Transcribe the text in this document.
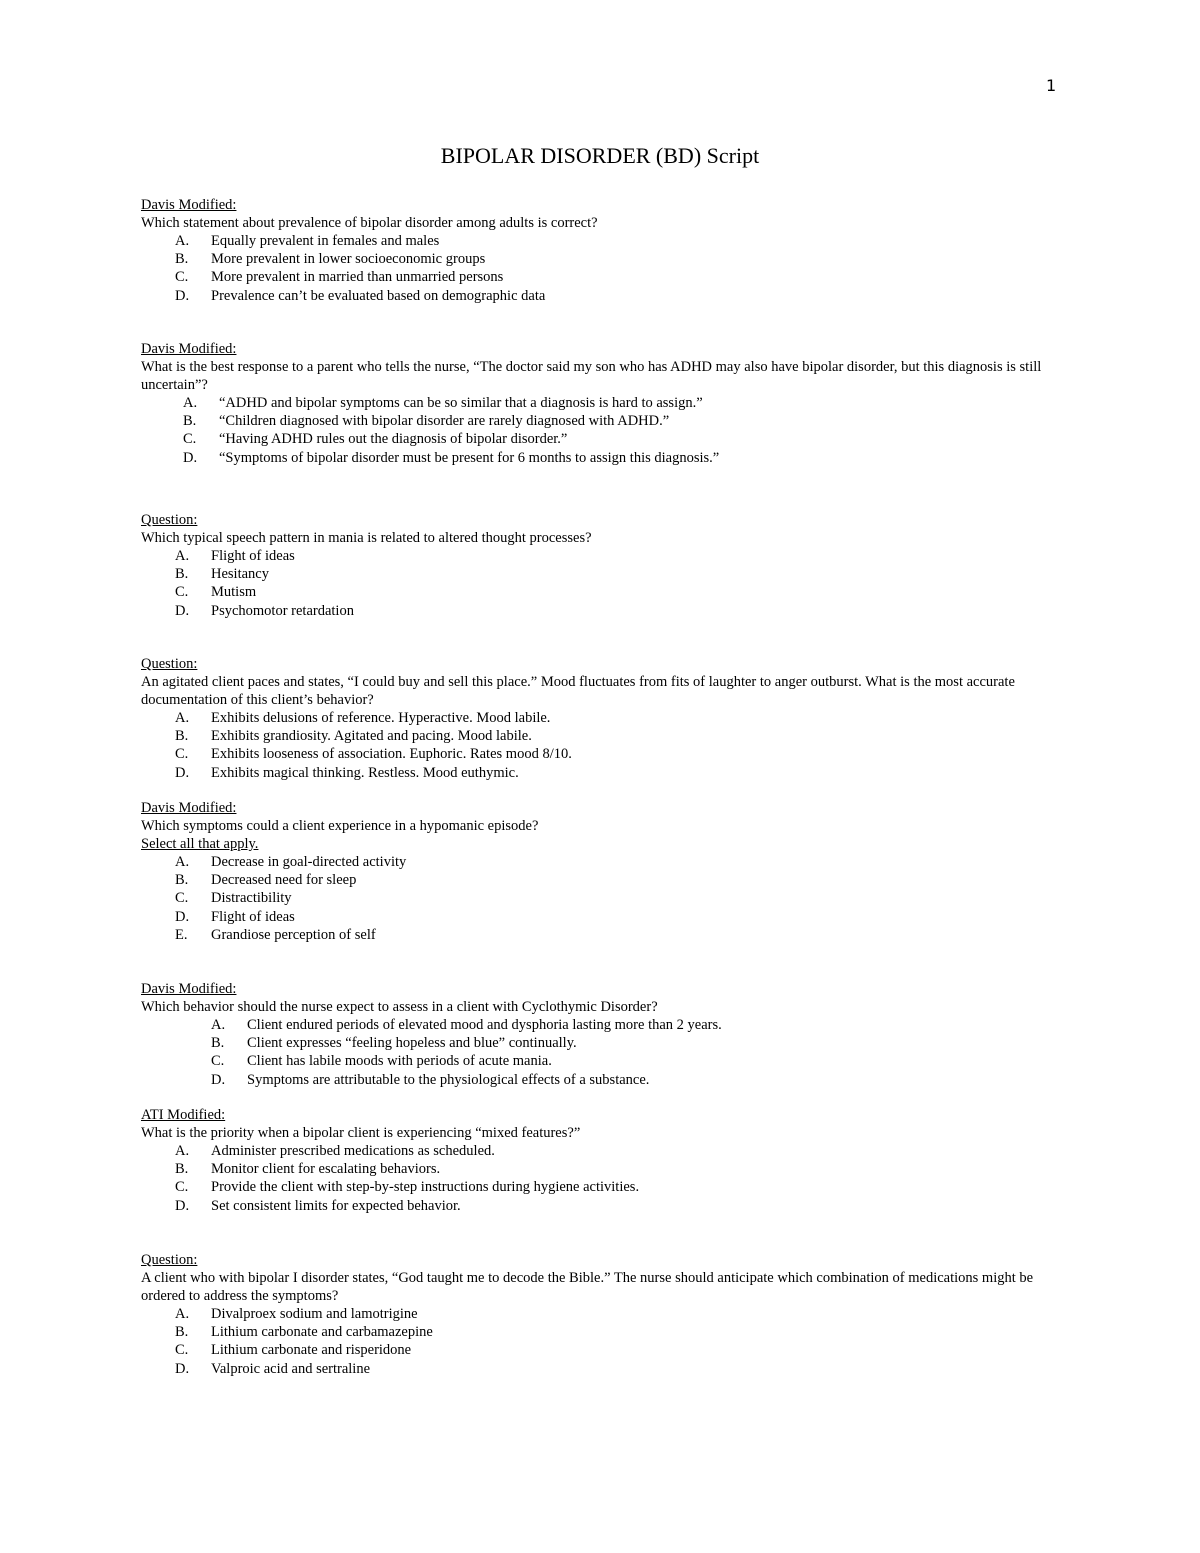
1
BIPOLAR DISORDER (BD) Script
Davis Modified:
Which statement about prevalence of bipolar disorder among adults is correct?
A.	Equally prevalent in females and males
B.	More prevalent in lower socioeconomic groups
C.	More prevalent in married than unmarried persons
D.	Prevalence can’t be evaluated based on demographic data
Davis Modified:
What is the best response to a parent who tells the nurse, “The doctor said my son who has ADHD may also have bipolar disorder, but this diagnosis is still uncertain”?
A.	“ADHD and bipolar symptoms can be so similar that a diagnosis is hard to assign.”
B.	“Children diagnosed with bipolar disorder are rarely diagnosed with ADHD.”
C.	“Having ADHD rules out the diagnosis of bipolar disorder.”
D.	“Symptoms of bipolar disorder must be present for 6 months to assign this diagnosis.”
Question:
Which typical speech pattern in mania is related to altered thought processes?
A.	Flight of ideas
B.	Hesitancy
C.	Mutism
D.	Psychomotor retardation
Question:
An agitated client paces and states, “I could buy and sell this place.” Mood fluctuates from fits of laughter to anger outburst. What is the most accurate documentation of this client’s behavior?
A.	Exhibits delusions of reference. Hyperactive. Mood labile.
B.	Exhibits grandiosity. Agitated and pacing. Mood labile.
C.	Exhibits looseness of association. Euphoric. Rates mood 8/10.
D.	Exhibits magical thinking. Restless. Mood euthymic.
Davis Modified:
Which symptoms could a client experience in a hypomanic episode?
Select all that apply.
A.	Decrease in goal-directed activity
B.	Decreased need for sleep
C.	Distractibility
D.	Flight of ideas
E.	Grandiose perception of self
Davis Modified:
Which behavior should the nurse expect to assess in a client with Cyclothymic Disorder?
A.	Client endured periods of elevated mood and dysphoria lasting more than 2 years.
B.	Client expresses “feeling hopeless and blue” continually.
C.	Client has labile moods with periods of acute mania.
D.	Symptoms are attributable to the physiological effects of a substance.
ATI Modified:
What is the priority when a bipolar client is experiencing “mixed features?”
A.	Administer prescribed medications as scheduled.
B.	Monitor client for escalating behaviors.
C.	Provide the client with step-by-step instructions during hygiene activities.
D.	Set consistent limits for expected behavior.
Question:
A client who with bipolar I disorder states, “God taught me to decode the Bible.” The nurse should anticipate which combination of medications might be ordered to address the symptoms?
A.	Divalproex sodium and lamotrigine
B.	Lithium carbonate and carbamazepine
C.	Lithium carbonate and risperidone
D.	Valproic acid and sertraline
